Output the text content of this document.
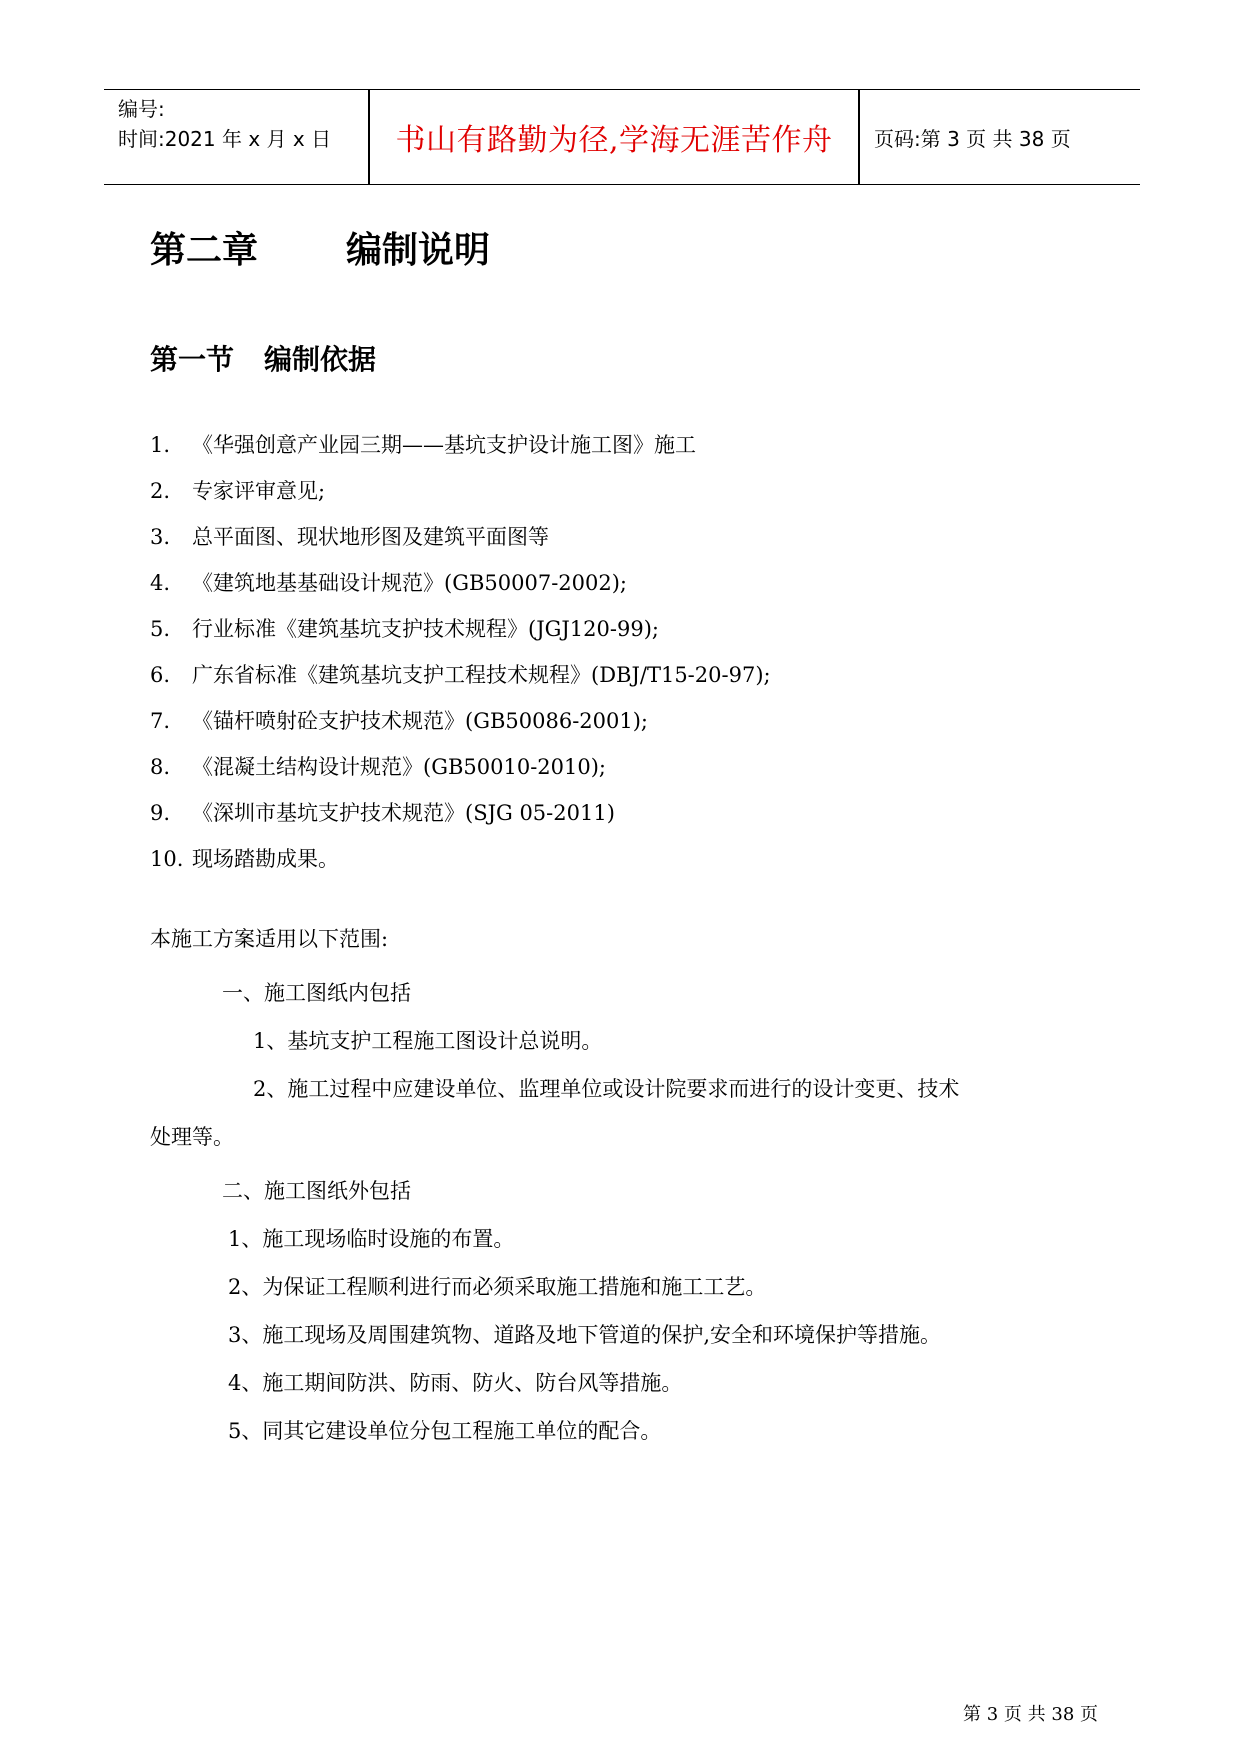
编号:
时间:2021 年 x 月 x 日	书山有路勤为径,学海无涯苦作舟	页码:第 3 页 共 38 页
第二章 编制说明
第一节 编制依据
1. 《华强创意产业园三期——基坑支护设计施工图》施工
2. 专家评审意见;
3. 总平面图、现状地形图及建筑平面图等
4. 《建筑地基基础设计规范》(GB50007-2002);
5. 行业标准《建筑基坑支护技术规程》(JGJ120-99);
6. 广东省标准《建筑基坑支护工程技术规程》(DBJ/T15-20-97);
7. 《锚杆喷射砼支护技术规范》(GB50086-2001);
8. 《混凝土结构设计规范》(GB50010-2010);
9. 《深圳市基坑支护技术规范》(SJG 05-2011)
10. 现场踏勘成果。
本施工方案适用以下范围:
一、施工图纸内包括
1、基坑支护工程施工图设计总说明。
2、施工过程中应建设单位、监理单位或设计院要求而进行的设计变更、技术
处理等。
二、施工图纸外包括
1、施工现场临时设施的布置。
2、为保证工程顺利进行而必须采取施工措施和施工工艺。
3、施工现场及周围建筑物、道路及地下管道的保护,安全和环境保护等措施。
4、施工期间防洪、防雨、防火、防台风等措施。
5、同其它建设单位分包工程施工单位的配合。
第 3 页 共 38 页
